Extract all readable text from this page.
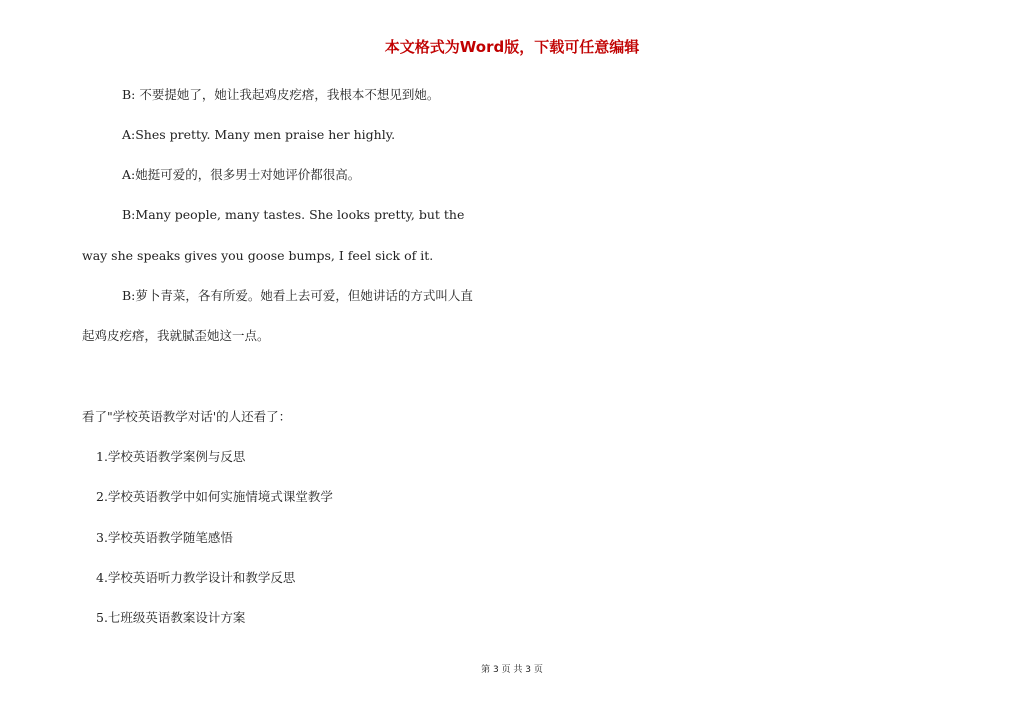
本文格式为Word版，下载可任意编辑
B: 不要提她了，她让我起鸡皮疙瘩，我根本不想见到她。
A:Shes pretty. Many men praise her highly.
A:她挺可爱的，很多男士对她评价都很高。
B:Many people, many tastes. She looks pretty, but the
way she speaks gives you goose bumps, I feel sick of it.
B:萝卜青菜，各有所爱。她看上去可爱，但她讲话的方式叫人直
起鸡皮疙瘩，我就腻歪她这一点。
看了"学校英语教学对话'的人还看了：
1.学校英语教学案例与反思
2.学校英语教学中如何实施情境式课堂教学
3.学校英语教学随笔感悟
4.学校英语听力教学设计和教学反思
5.七班级英语教案设计方案
第 3 页 共 3 页
